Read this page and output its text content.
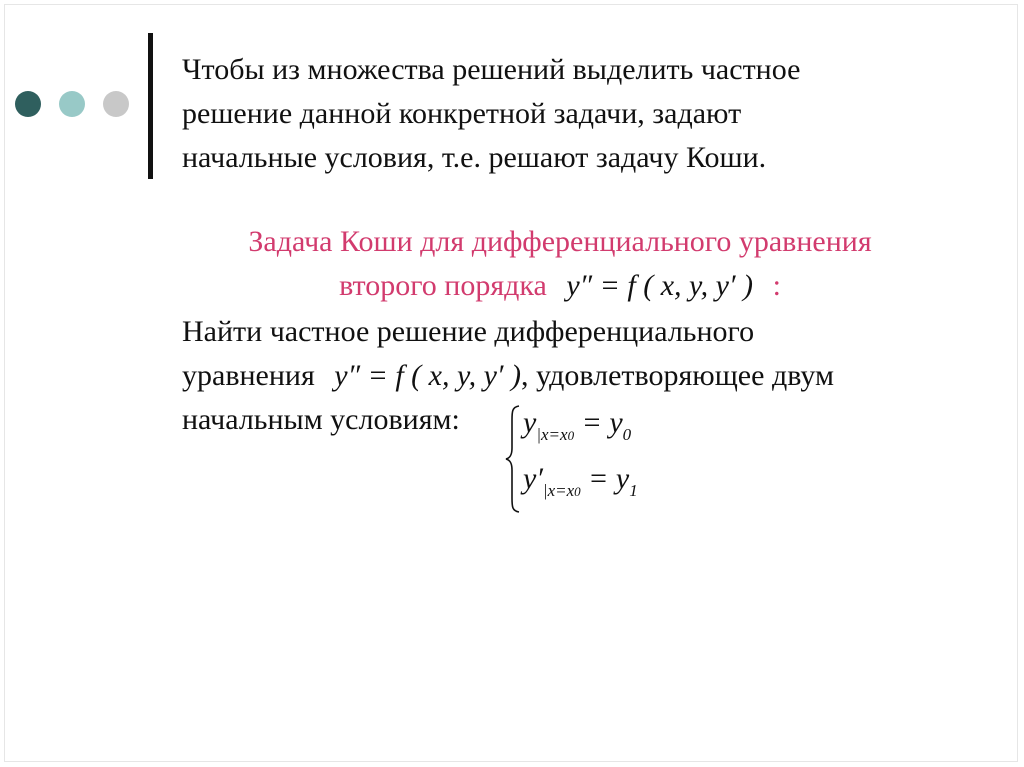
Чтобы из множества решений выделить частное
решение данной конкретной задачи, задают
начальные условия, т.е. решают задачу Коши.
Задача Коши для дифференциального уравнения
второго порядка y″ = f ( x, y, y′ ) :
Найти частное решение дифференциального
уравнения y″ = f ( x, y, y′ ), удовлетворяющее двум
начальным условиям:	$y_{|x=x0} = y_0$
$y'_{|x=x0} = y_1$
